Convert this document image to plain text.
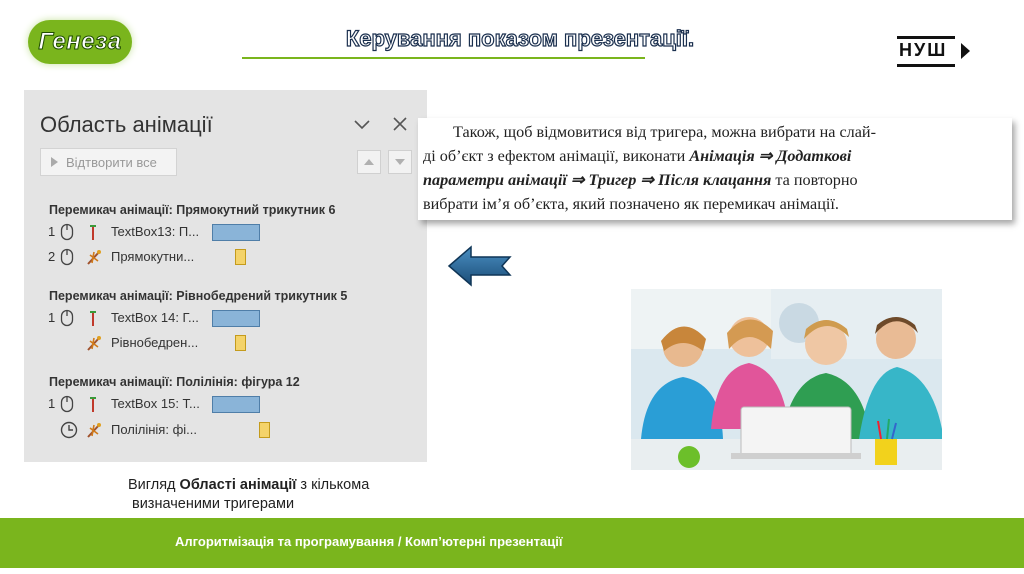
Генеза	Керування показом презентації.	НУШ
Область анімації
Відтворити все
Перемикач анімації: Прямокутний трикутник 6
1	TextBox13: П...
2	Прямокутни...
Перемикач анімації: Рівнобедрений трикутник 5
1	TextBox 14: Г...
Рівнобедрен...
Перемикач анімації: Полілінія: фігура 12
1	TextBox 15: Т...
Полілінія: фі...
Вигляд Області анімації з кількома
визначеними тригерами

Також, щоб відмовитися від тригера, можна вибрати на слай-
ді об’єкт з ефектом анімації, виконати Анімація ⇒ Додаткові
параметри анімації ⇒ Тригер ⇒ Після клацання та повторно
вибрати ім’я об’єкта, який позначено як перемикач анімації.

Алгоритмізація та програмування / Комп’ютерні презентації
